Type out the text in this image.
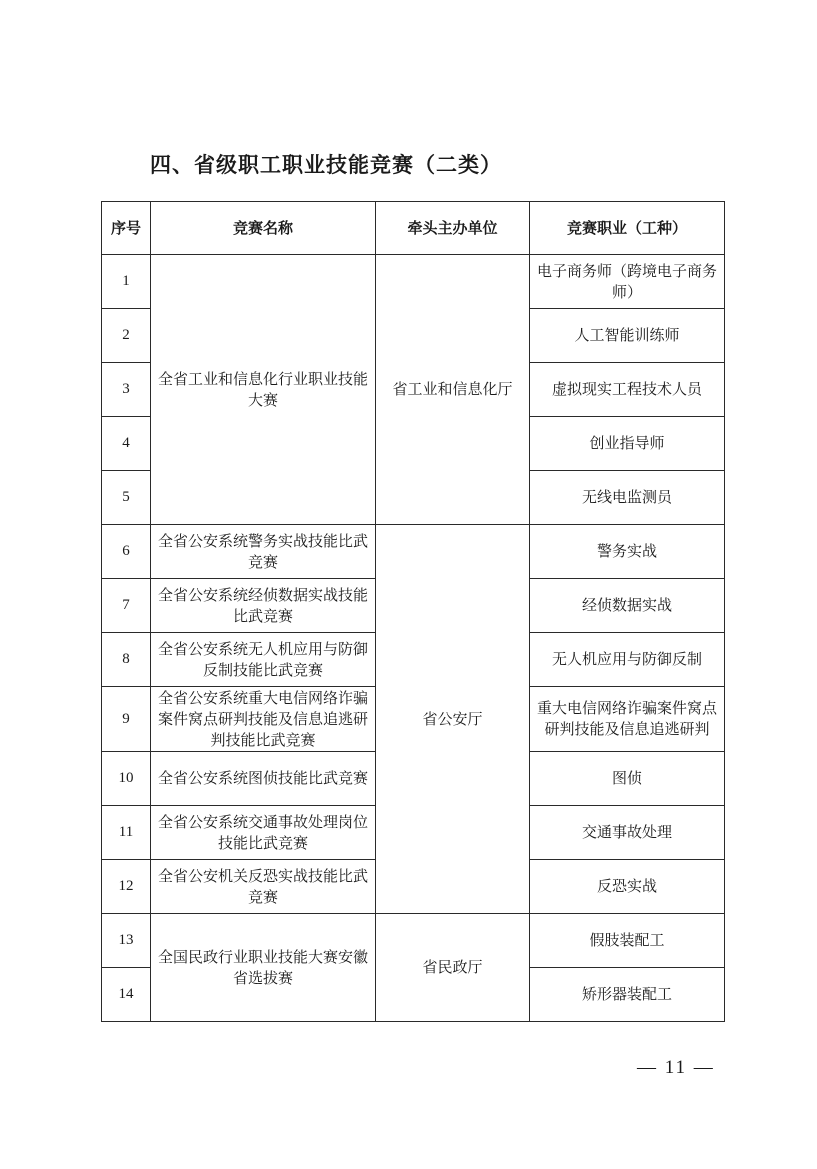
四、省级职工职业技能竞赛（二类）
序号	竞赛名称	牵头主办单位	竞赛职业（工种）
1	全省工业和信息化行业职业技能大赛	省工业和信息化厅	电子商务师（跨境电子商务师）
2			人工智能训练师
3			虚拟现实工程技术人员
4			创业指导师
5			无线电监测员
6	全省公安系统警务实战技能比武竞赛	省公安厅	警务实战
7	全省公安系统经侦数据实战技能比武竞赛		经侦数据实战
8	全省公安系统无人机应用与防御反制技能比武竞赛		无人机应用与防御反制
9	全省公安系统重大电信网络诈骗案件窝点研判技能及信息追逃研判技能比武竞赛		重大电信网络诈骗案件窝点研判技能及信息追逃研判
10	全省公安系统图侦技能比武竞赛		图侦
11	全省公安系统交通事故处理岗位技能比武竞赛		交通事故处理
12	全省公安机关反恐实战技能比武竞赛		反恐实战
13	全国民政行业职业技能大赛安徽省选拔赛	省民政厅	假肢装配工
14			矫形器装配工
— 11 —
